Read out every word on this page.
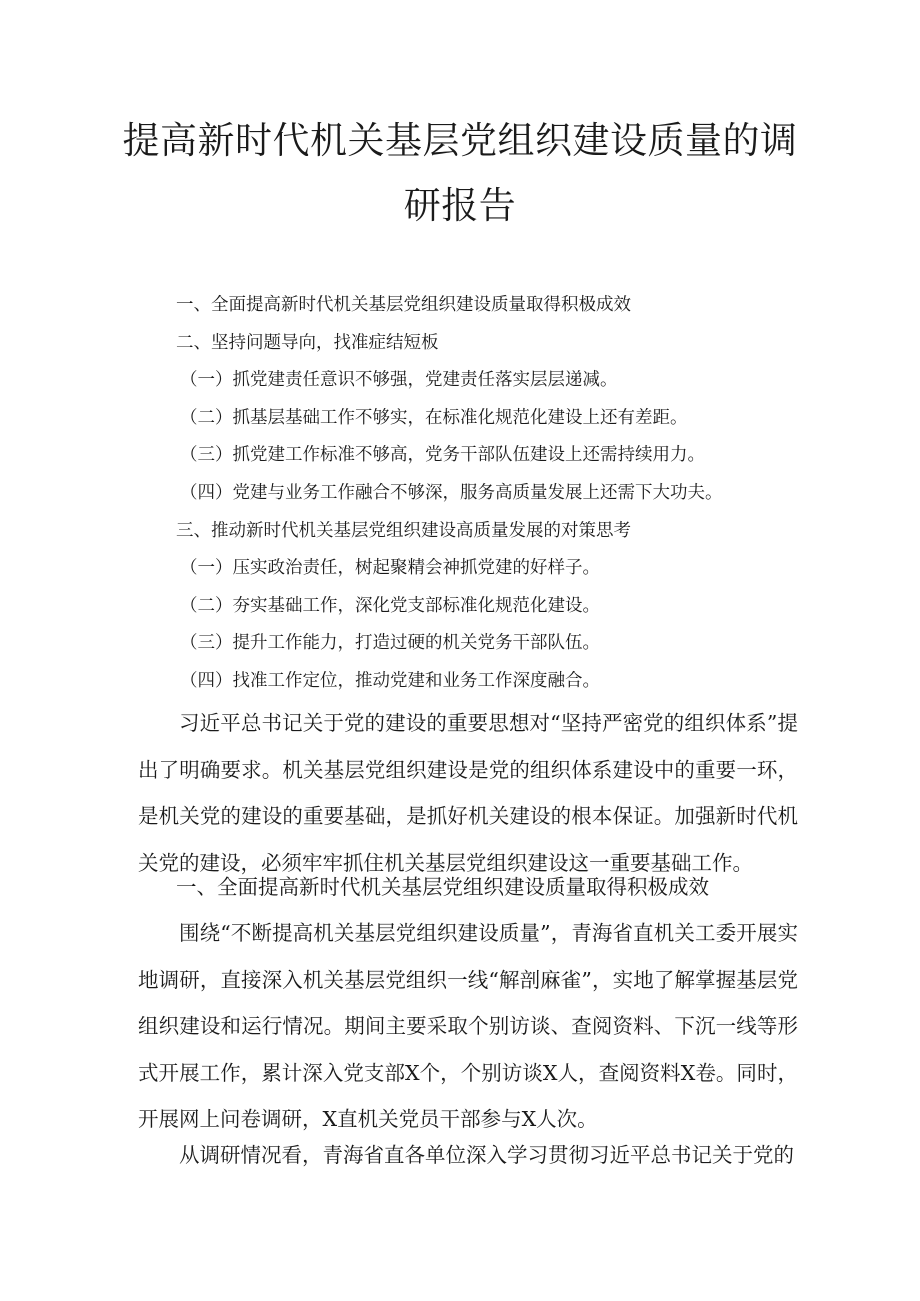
提高新时代机关基层党组织建设质量的调
研报告
一、全面提高新时代机关基层党组织建设质量取得积极成效
二、坚持问题导向，找准症结短板
（一）抓党建责任意识不够强，党建责任落实层层递减。
（二）抓基层基础工作不够实，在标准化规范化建设上还有差距。
（三）抓党建工作标准不够高，党务干部队伍建设上还需持续用力。
（四）党建与业务工作融合不够深，服务高质量发展上还需下大功夫。
三、推动新时代机关基层党组织建设高质量发展的对策思考
（一）压实政治责任，树起聚精会神抓党建的好样子。
（二）夯实基础工作，深化党支部标准化规范化建设。
（三）提升工作能力，打造过硬的机关党务干部队伍。
（四）找准工作定位，推动党建和业务工作深度融合。

习近平总书记关于党的建设的重要思想对“坚持严密党的组织体系”提出了明确要求。机关基层党组织建设是党的组织体系建设中的重要一环，是机关党的建设的重要基础，是抓好机关建设的根本保证。加强新时代机关党的建设，必须牢牢抓住机关基层党组织建设这一重要基础工作。

一、全面提高新时代机关基层党组织建设质量取得积极成效

围绕“不断提高机关基层党组织建设质量”，青海省直机关工委开展实地调研，直接深入机关基层党组织一线“解剖麻雀”，实地了解掌握基层党组织建设和运行情况。期间主要采取个别访谈、查阅资料、下沉一线等形式开展工作，累计深入党支部X个，个别访谈X人，查阅资料X卷。同时，开展网上问卷调研，X直机关党员干部参与X人次。

从调研情况看，青海省直各单位深入学习贯彻习近平总书记关于党的
